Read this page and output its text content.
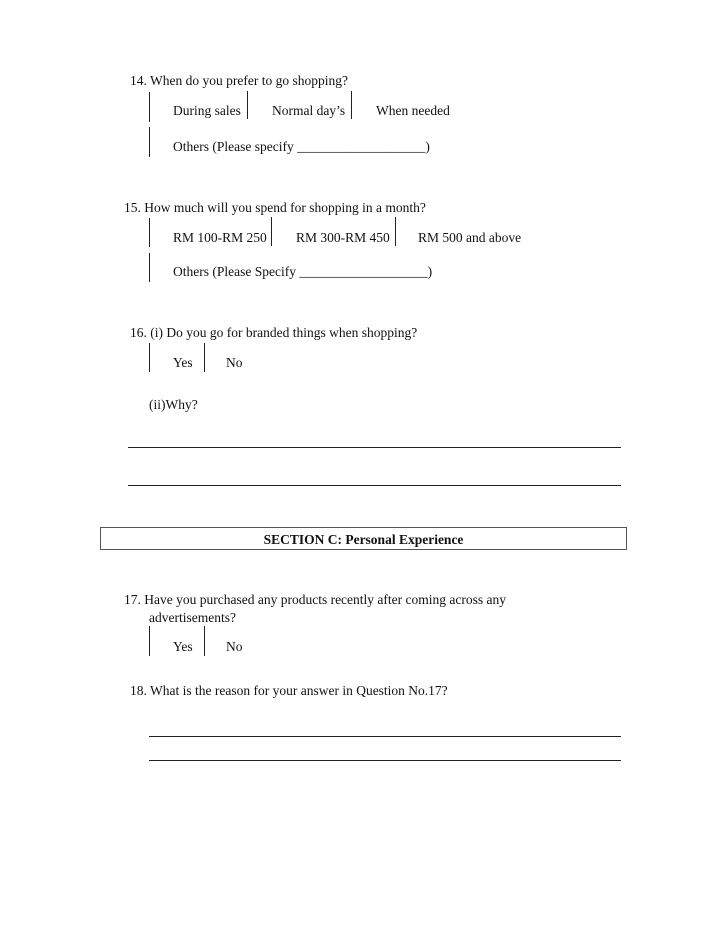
14. When do you prefer to go shopping?
During sales Normal day’s When needed
Others (Please specify ___________________)
15. How much will you spend for shopping in a month?
RM 100-RM 250 RM 300-RM 450 RM 500 and above
Others (Please Specify ___________________)
16. (i) Do you go for branded things when shopping?
Yes No
(ii)Why?
SECTION C: Personal Experience
17. Have you purchased any products recently after coming across any
advertisements?
Yes No
18. What is the reason for your answer in Question No.17?
